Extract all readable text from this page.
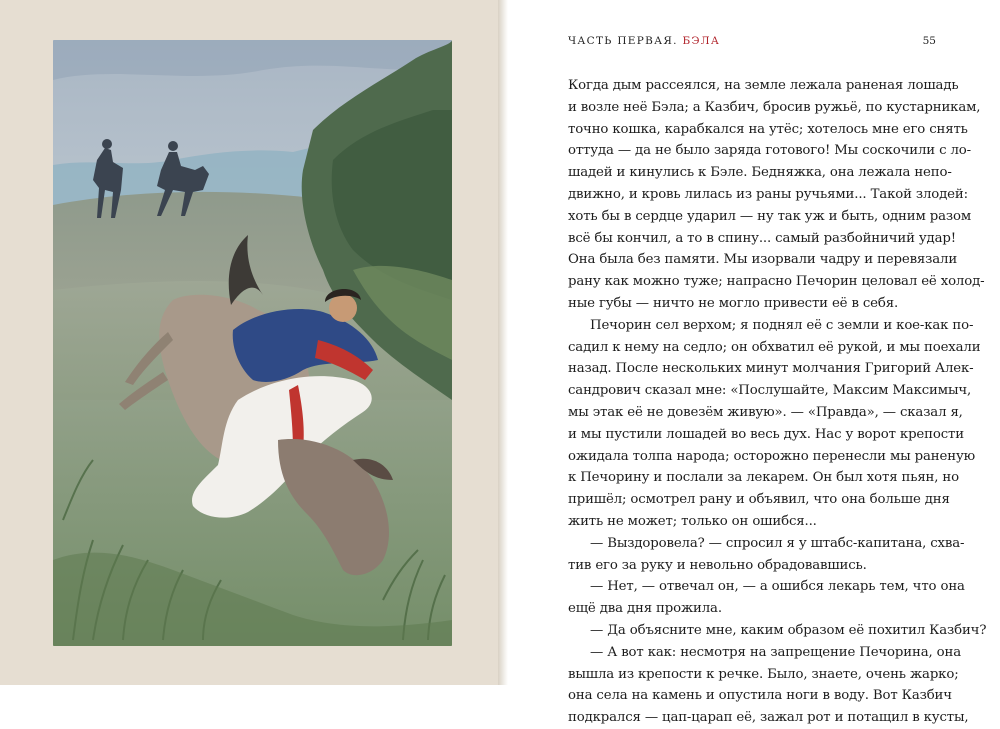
ЧАСТЬ ПЕРВАЯ. БЭЛА	55
Когда дым рассеялся, на земле лежала раненая лошадь
и возле неё Бэла; а Казбич, бросив ружьё, по кустарникам,
точно кошка, карабкался на утёс; хотелось мне его снять
оттуда — да не было заряда готового! Мы соскочили с ло-
шадей и кинулись к Бэле. Бедняжка, она лежала непо-
движно, и кровь лилась из раны ручьями... Такой злодей:
хоть бы в сердце ударил — ну так уж и быть, одним разом
всё бы кончил, а то в спину... самый разбойничий удар!
Она была без памяти. Мы изорвали чадру и перевязали
рану как можно туже; напрасно Печорин целовал её холод-
ные губы — ничто не могло привести её в себя.
Печорин сел верхом; я поднял её с земли и кое-как по-
садил к нему на седло; он обхватил её рукой, и мы поехали
назад. После нескольких минут молчания Григорий Алек-
сандрович сказал мне: «Послушайте, Максим Максимыч,
мы этак её не довезём живую». — «Правда», — сказал я,
и мы пустили лошадей во весь дух. Нас у ворот крепости
ожидала толпа народа; осторожно перенесли мы раненую
к Печорину и послали за лекарем. Он был хотя пьян, но
пришёл; осмотрел рану и объявил, что она больше дня
жить не может; только он ошибся...
— Выздоровела? — спросил я у штабс-капитана, схва-
тив его за руку и невольно обрадовавшись.
— Нет, — отвечал он, — а ошибся лекарь тем, что она
ещё два дня прожила.
— Да объясните мне, каким образом её похитил Казбич?
— А вот как: несмотря на запрещение Печорина, она
вышла из крепости к речке. Было, знаете, очень жарко;
она села на камень и опустила ноги в воду. Вот Казбич
подкрался — цап-царап её, зажал рот и потащил в кусты,
